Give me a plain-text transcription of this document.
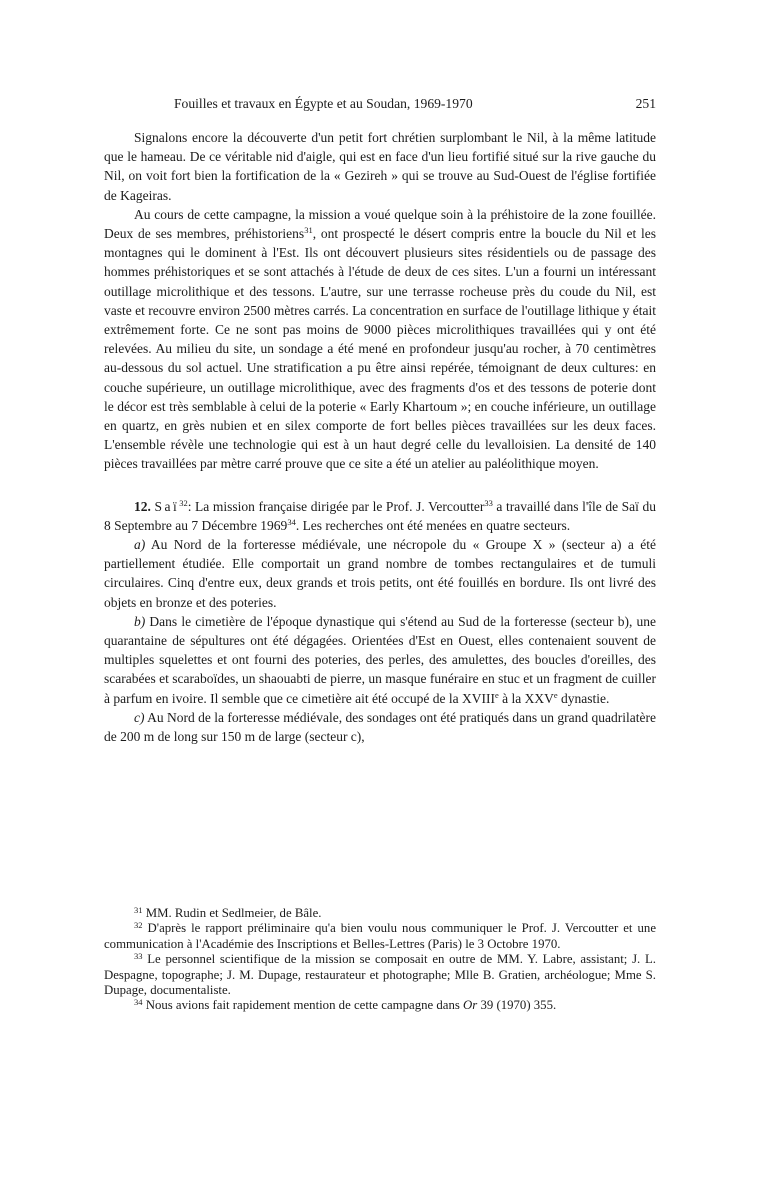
Fouilles et travaux en Égypte et au Soudan, 1969-1970	251

Signalons encore la découverte d'un petit fort chrétien surplombant le Nil, à la même latitude que le hameau. De ce véritable nid d'aigle, qui est en face d'un lieu fortifié situé sur la rive gauche du Nil, on voit fort bien la fortification de la « Gezireh » qui se trouve au Sud-Ouest de l'église fortifiée de Kageiras.

Au cours de cette campagne, la mission a voué quelque soin à la préhistoire de la zone fouillée. Deux de ses membres, préhistoriens$^{31}$, ont prospecté le désert compris entre la boucle du Nil et les montagnes qui le dominent à l'Est. Ils ont découvert plusieurs sites résidentiels ou de passage des hommes préhistoriques et se sont attachés à l'étude de deux de ces sites. L'un a fourni un intéressant outillage microlithique et des tessons. L'autre, sur une terrasse rocheuse près du coude du Nil, est vaste et recouvre environ 2500 mètres carrés. La concentration en surface de l'outillage lithique y était extrêmement forte. Ce ne sont pas moins de 9000 pièces microlithiques travaillées qui y ont été relevées. Au milieu du site, un sondage a été mené en profondeur jusqu'au rocher, à 70 centimètres au-dessous du sol actuel. Une stratification a pu être ainsi repérée, témoignant de deux cultures: en couche supérieure, un outillage microlithique, avec des fragments d'os et des tessons de poterie dont le décor est très semblable à celui de la poterie « Early Khartoum »; en couche inférieure, un outillage en quartz, en grès nubien et en silex comporte de fort belles pièces travaillées sur les deux faces. L'ensemble révèle une technologie qui est à un haut degré celle du levalloisien. La densité de 140 pièces travaillées par mètre carré prouve que ce site a été un atelier au paléolithique moyen.

12. Saï$^{32}$: La mission française dirigée par le Prof. J. Vercoutter$^{33}$ a travaillé dans l'île de Saï du 8 Septembre au 7 Décembre 1969$^{34}$. Les recherches ont été menées en quatre secteurs.

a) Au Nord de la forteresse médiévale, une nécropole du « Groupe X » (secteur a) a été partiellement étudiée. Elle comportait un grand nombre de tombes rectangulaires et de tumuli circulaires. Cinq d'entre eux, deux grands et trois petits, ont été fouillés en bordure. Ils ont livré des objets en bronze et des poteries.

b) Dans le cimetière de l'époque dynastique qui s'étend au Sud de la forteresse (secteur b), une quarantaine de sépultures ont été dégagées. Orientées d'Est en Ouest, elles contenaient souvent de multiples squelettes et ont fourni des poteries, des perles, des amulettes, des boucles d'oreilles, des scarabées et scaraboïdes, un shaouabti de pierre, un masque funéraire en stuc et un fragment de cuiller à parfum en ivoire. Il semble que ce cimetière ait été occupé de la XVIIIe à la XXVe dynastie.

c) Au Nord de la forteresse médiévale, des sondages ont été pratiqués dans un grand quadrilatère de 200 m de long sur 150 m de large (secteur c),

$^{31}$ MM. Rudin et Sedlmeier, de Bâle.

$^{32}$ D'après le rapport préliminaire qu'a bien voulu nous communiquer le Prof. J. Vercoutter et une communication à l'Académie des Inscriptions et Belles-Lettres (Paris) le 3 Octobre 1970.

$^{33}$ Le personnel scientifique de la mission se composait en outre de MM. Y. Labre, assistant; J. L. Despagne, topographe; J. M. Dupage, restaurateur et photographe; Mlle B. Gratien, archéologue; Mme S. Dupage, documentaliste.

$^{34}$ Nous avions fait rapidement mention de cette campagne dans Or 39 (1970) 355.
